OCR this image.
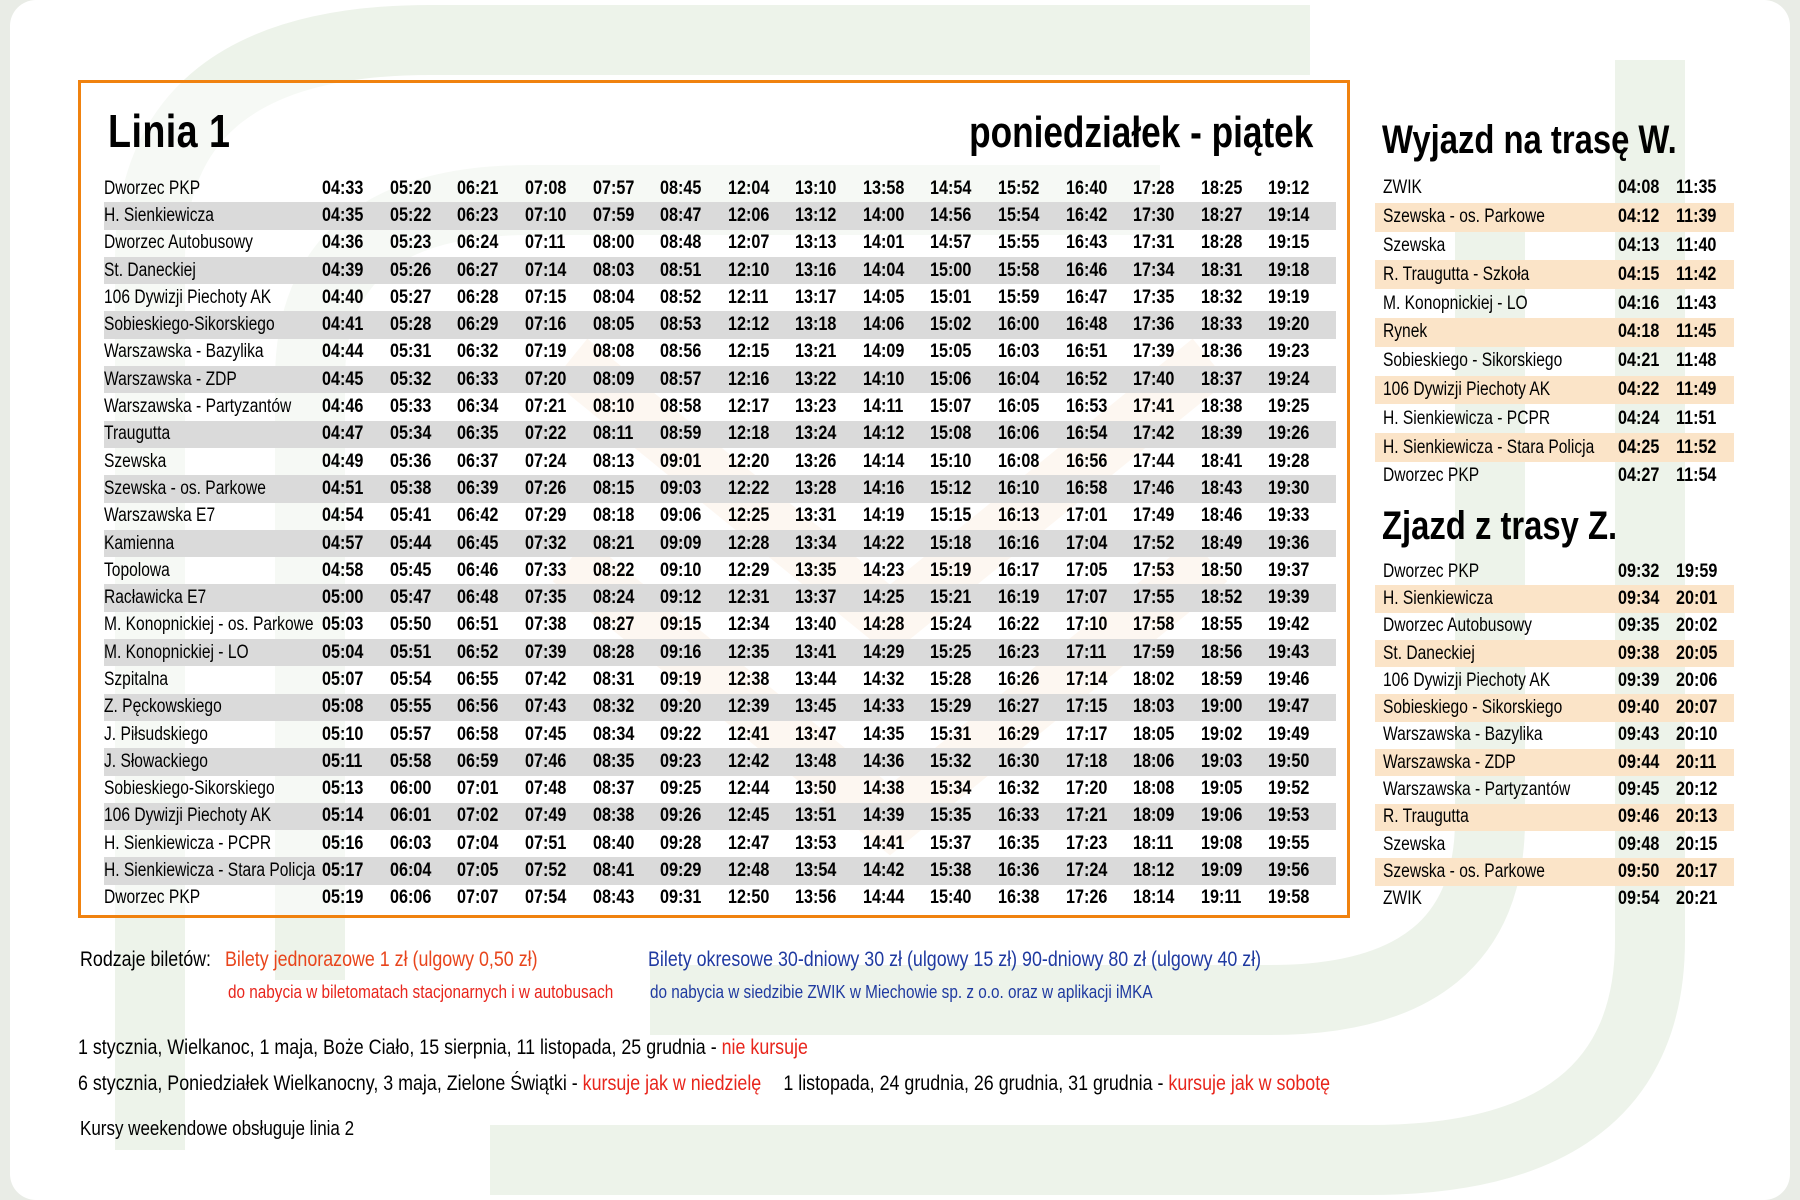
Linia 1	poniedziałek - piątek
Dworzec PKP	04:33	05:20	06:21	07:08	07:57	08:45	12:04	13:10	13:58	14:54	15:52	16:40	17:28	18:25	19:12
H. Sienkiewicza	04:35	05:22	06:23	07:10	07:59	08:47	12:06	13:12	14:00	14:56	15:54	16:42	17:30	18:27	19:14
Dworzec Autobusowy	04:36	05:23	06:24	07:11	08:00	08:48	12:07	13:13	14:01	14:57	15:55	16:43	17:31	18:28	19:15
St. Daneckiej	04:39	05:26	06:27	07:14	08:03	08:51	12:10	13:16	14:04	15:00	15:58	16:46	17:34	18:31	19:18
106 Dywizji Piechoty AK	04:40	05:27	06:28	07:15	08:04	08:52	12:11	13:17	14:05	15:01	15:59	16:47	17:35	18:32	19:19
Sobieskiego-Sikorskiego	04:41	05:28	06:29	07:16	08:05	08:53	12:12	13:18	14:06	15:02	16:00	16:48	17:36	18:33	19:20
Warszawska - Bazylika	04:44	05:31	06:32	07:19	08:08	08:56	12:15	13:21	14:09	15:05	16:03	16:51	17:39	18:36	19:23
Warszawska - ZDP	04:45	05:32	06:33	07:20	08:09	08:57	12:16	13:22	14:10	15:06	16:04	16:52	17:40	18:37	19:24
Warszawska - Partyzantów	04:46	05:33	06:34	07:21	08:10	08:58	12:17	13:23	14:11	15:07	16:05	16:53	17:41	18:38	19:25
Traugutta	04:47	05:34	06:35	07:22	08:11	08:59	12:18	13:24	14:12	15:08	16:06	16:54	17:42	18:39	19:26
Szewska	04:49	05:36	06:37	07:24	08:13	09:01	12:20	13:26	14:14	15:10	16:08	16:56	17:44	18:41	19:28
Szewska - os. Parkowe	04:51	05:38	06:39	07:26	08:15	09:03	12:22	13:28	14:16	15:12	16:10	16:58	17:46	18:43	19:30
Warszawska E7	04:54	05:41	06:42	07:29	08:18	09:06	12:25	13:31	14:19	15:15	16:13	17:01	17:49	18:46	19:33
Kamienna	04:57	05:44	06:45	07:32	08:21	09:09	12:28	13:34	14:22	15:18	16:16	17:04	17:52	18:49	19:36
Topolowa	04:58	05:45	06:46	07:33	08:22	09:10	12:29	13:35	14:23	15:19	16:17	17:05	17:53	18:50	19:37
Racławicka E7	05:00	05:47	06:48	07:35	08:24	09:12	12:31	13:37	14:25	15:21	16:19	17:07	17:55	18:52	19:39
M. Konopnickiej - os. Parkowe	05:03	05:50	06:51	07:38	08:27	09:15	12:34	13:40	14:28	15:24	16:22	17:10	17:58	18:55	19:42
M. Konopnickiej - LO	05:04	05:51	06:52	07:39	08:28	09:16	12:35	13:41	14:29	15:25	16:23	17:11	17:59	18:56	19:43
Szpitalna	05:07	05:54	06:55	07:42	08:31	09:19	12:38	13:44	14:32	15:28	16:26	17:14	18:02	18:59	19:46
Z. Pęckowskiego	05:08	05:55	06:56	07:43	08:32	09:20	12:39	13:45	14:33	15:29	16:27	17:15	18:03	19:00	19:47
J. Piłsudskiego	05:10	05:57	06:58	07:45	08:34	09:22	12:41	13:47	14:35	15:31	16:29	17:17	18:05	19:02	19:49
J. Słowackiego	05:11	05:58	06:59	07:46	08:35	09:23	12:42	13:48	14:36	15:32	16:30	17:18	18:06	19:03	19:50
Sobieskiego-Sikorskiego	05:13	06:00	07:01	07:48	08:37	09:25	12:44	13:50	14:38	15:34	16:32	17:20	18:08	19:05	19:52
106 Dywizji Piechoty AK	05:14	06:01	07:02	07:49	08:38	09:26	12:45	13:51	14:39	15:35	16:33	17:21	18:09	19:06	19:53
H. Sienkiewicza - PCPR	05:16	06:03	07:04	07:51	08:40	09:28	12:47	13:53	14:41	15:37	16:35	17:23	18:11	19:08	19:55
H. Sienkiewicza - Stara Policja	05:17	06:04	07:05	07:52	08:41	09:29	12:48	13:54	14:42	15:38	16:36	17:24	18:12	19:09	19:56
Dworzec PKP	05:19	06:06	07:07	07:54	08:43	09:31	12:50	13:56	14:44	15:40	16:38	17:26	18:14	19:11	19:58
Wyjazd na trasę W.
ZWIK	04:08	11:35
Szewska - os. Parkowe	04:12	11:39
Szewska	04:13	11:40
R. Traugutta - Szkoła	04:15	11:42
M. Konopnickiej - LO	04:16	11:43
Rynek	04:18	11:45
Sobieskiego - Sikorskiego	04:21	11:48
106 Dywizji Piechoty AK	04:22	11:49
H. Sienkiewicza - PCPR	04:24	11:51
H. Sienkiewicza - Stara Policja	04:25	11:52
Dworzec PKP	04:27	11:54
Zjazd z trasy Z.
Dworzec PKP	09:32	19:59
H. Sienkiewicza	09:34	20:01
Dworzec Autobusowy	09:35	20:02
St. Daneckiej	09:38	20:05
106 Dywizji Piechoty AK	09:39	20:06
Sobieskiego - Sikorskiego	09:40	20:07
Warszawska - Bazylika	09:43	20:10
Warszawska - ZDP	09:44	20:11
Warszawska - Partyzantów	09:45	20:12
R. Traugutta	09:46	20:13
Szewska	09:48	20:15
Szewska - os. Parkowe	09:50	20:17
ZWIK	09:54	20:21
Rodzaje biletów: Bilety jednorazowe 1 zł (ulgowy 0,50 zł)
do nabycia w biletomatach stacjonarnych i w autobusach
Bilety okresowe 30-dniowy 30 zł (ulgowy 15 zł) 90-dniowy 80 zł (ulgowy 40 zł)
do nabycia w siedzibie ZWIK w Miechowie sp. z o.o. oraz w aplikacji iMKA
1 stycznia, Wielkanoc, 1 maja, Boże Ciało, 15 sierpnia, 11 listopada, 25 grudnia - nie kursuje
6 stycznia, Poniedziałek Wielkanocny, 3 maja, Zielone Świątki - kursuje jak w niedzielę 1 listopada, 24 grudnia, 26 grudnia, 31 grudnia - kursuje jak w sobotę
Kursy weekendowe obsługuje linia 2
